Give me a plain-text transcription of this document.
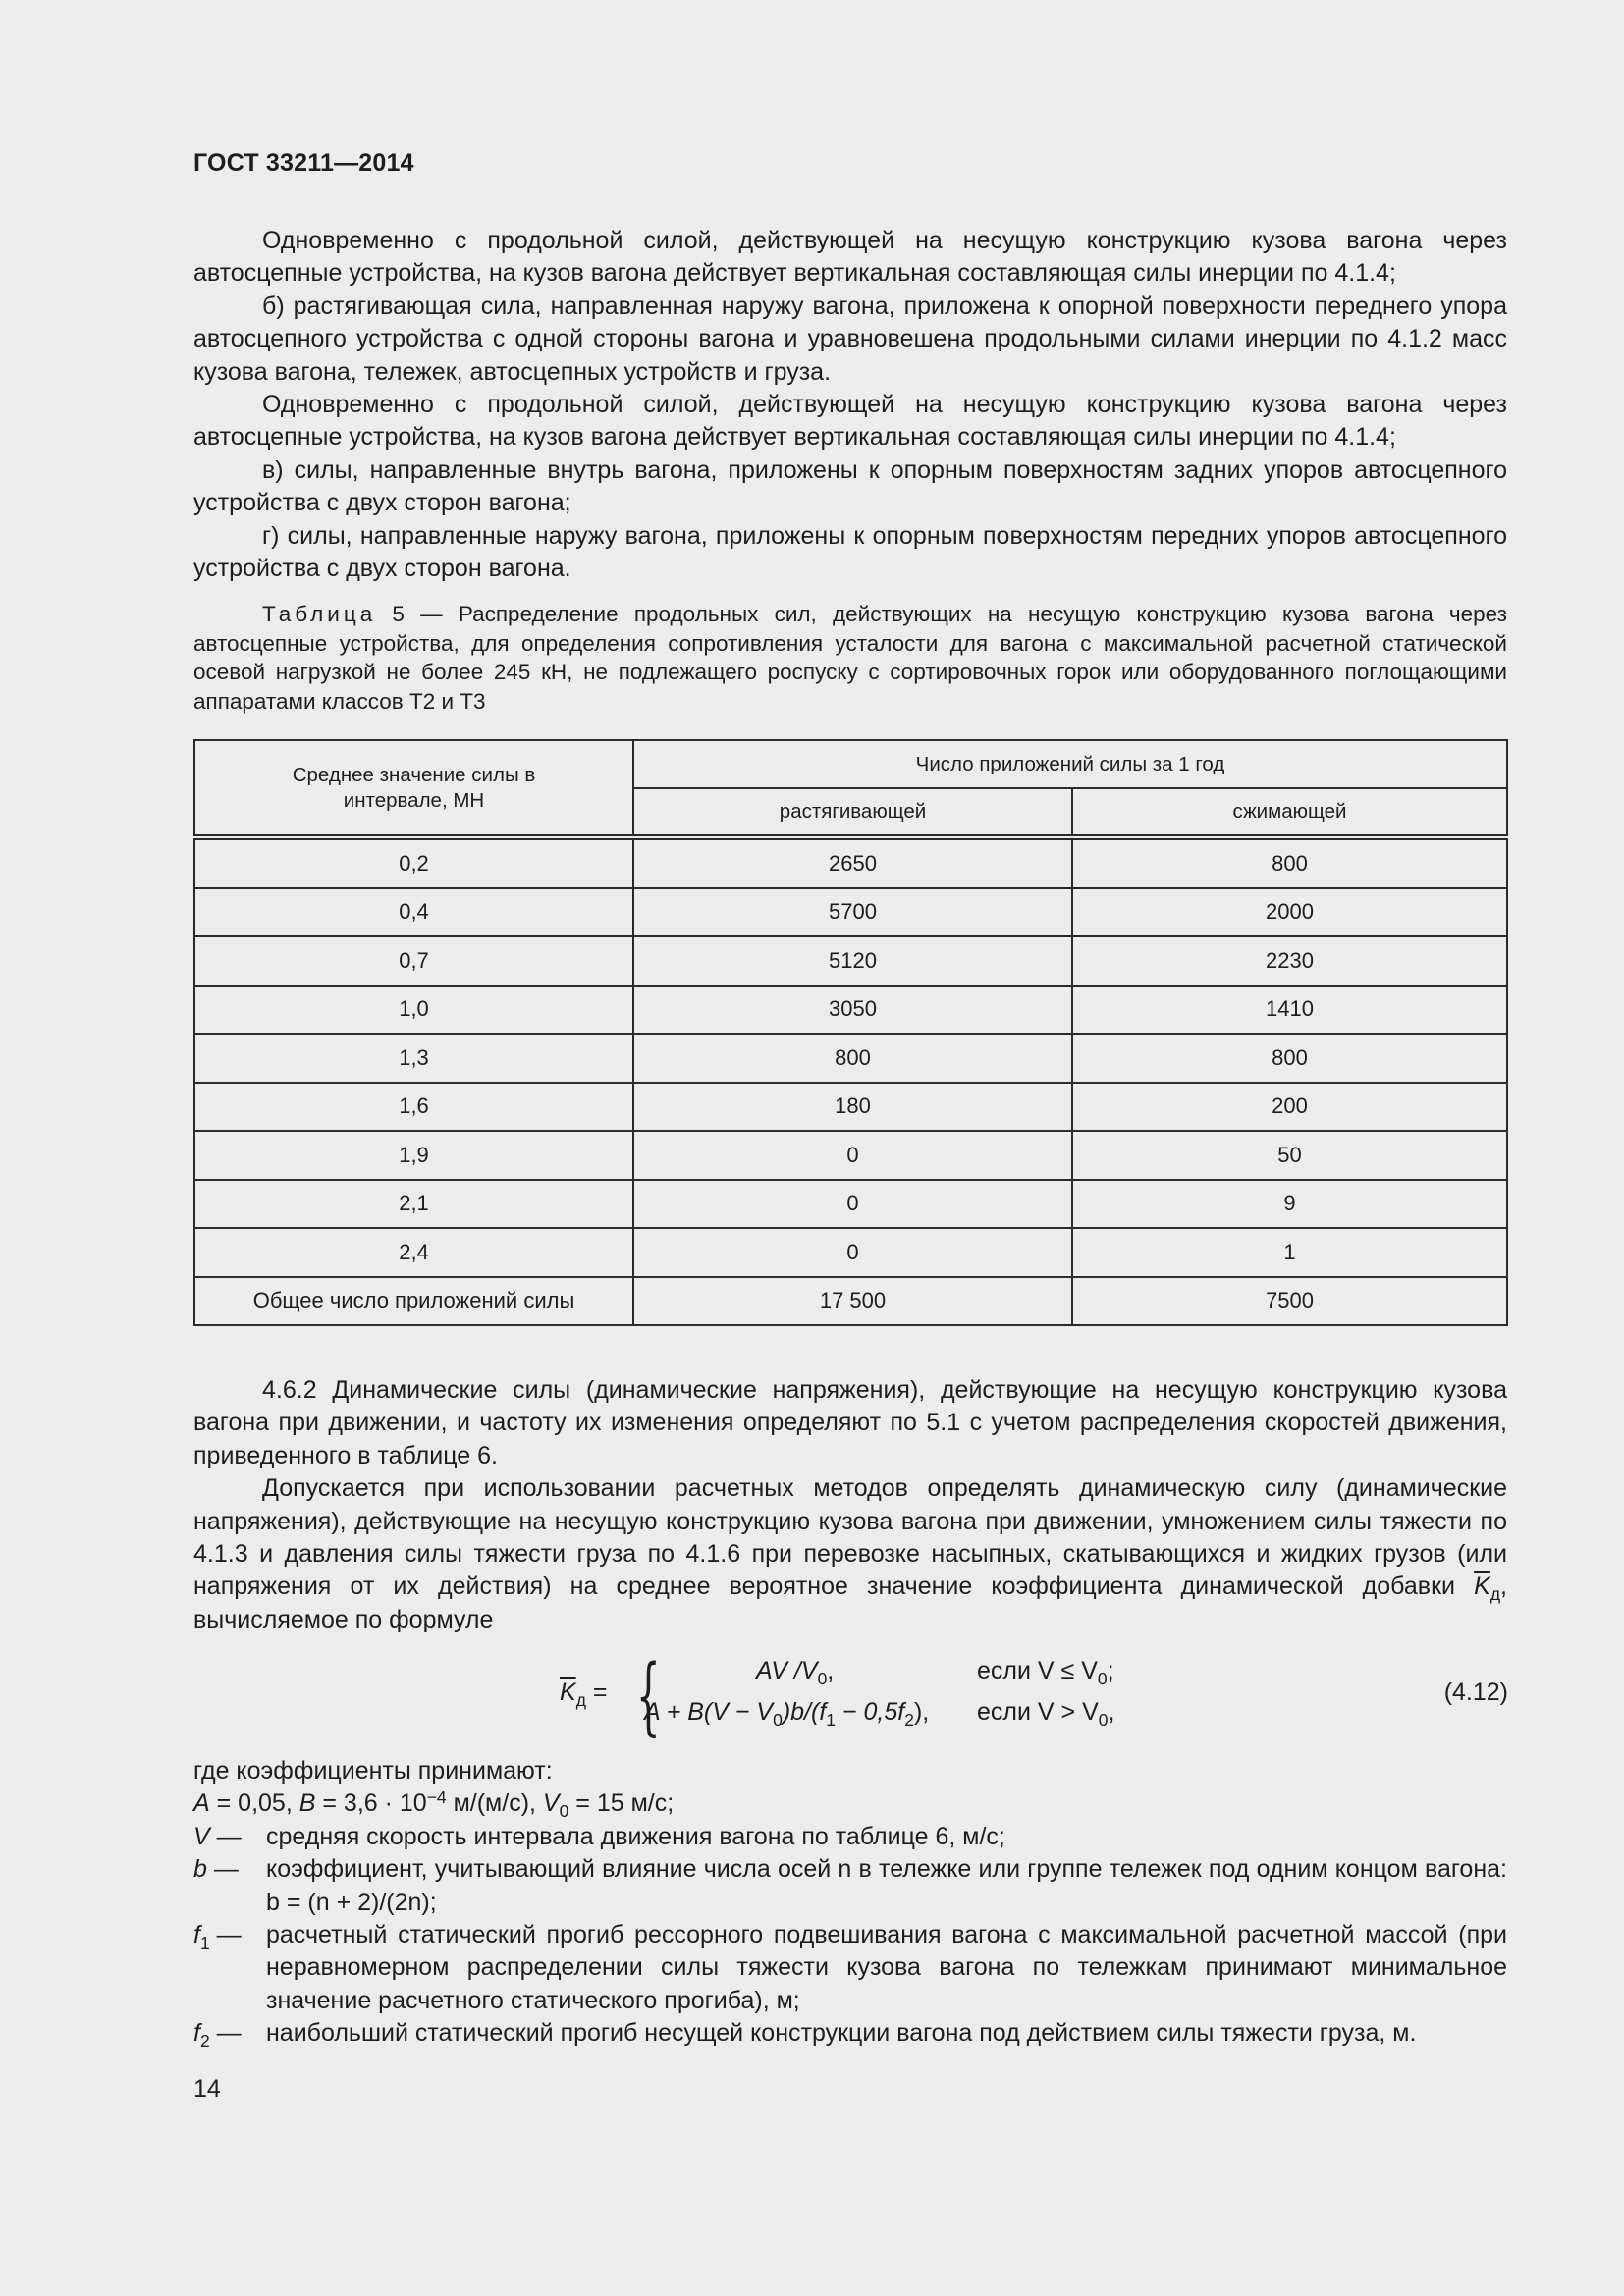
ГОСТ 33211—2014

Одновременно с продольной силой, действующей на несущую конструкцию кузова вагона через автосцепные устройства, на кузов вагона действует вертикальная составляющая силы инерции по 4.1.4;

б) растягивающая сила, направленная наружу вагона, приложена к опорной поверхности переднего упора автосцепного устройства с одной стороны вагона и уравновешена продольными силами инерции по 4.1.2 масс кузова вагона, тележек, автосцепных устройств и груза.

Одновременно с продольной силой, действующей на несущую конструкцию кузова вагона через автосцепные устройства, на кузов вагона действует вертикальная составляющая силы инерции по 4.1.4;

в) силы, направленные внутрь вагона, приложены к опорным поверхностям задних упоров автосцепного устройства с двух сторон вагона;

г) силы, направленные наружу вагона, приложены к опорным поверхностям передних упоров автосцепного устройства с двух сторон вагона.

Таблица 5 — Распределение продольных сил, действующих на несущую конструкцию кузова вагона через автосцепные устройства, для определения сопротивления усталости для вагона с максимальной расчетной статической осевой нагрузкой не более 245 кН, не подлежащего роспуску с сортировочных горок или оборудованного поглощающими аппаратами классов Т2 и Т3

Среднее значение силы в интервале, МН	Число приложений силы за 1 год	
	растягивающей	сжимающей
0,2	2650	800
0,4	5700	2000
0,7	5120	2230
1,0	3050	1410
1,3	800	800
1,6	180	200
1,9	0	50
2,1	0	9
2,4	0	1
Общее число приложений силы	17 500	7500

4.6.2 Динамические силы (динамические напряжения), действующие на несущую конструкцию кузова вагона при движении, и частоту их изменения определяют по 5.1 с учетом распределения скоростей движения, приведенного в таблице 6.

Допускается при использовании расчетных методов определять динамическую силу (динамические напряжения), действующие на несущую конструкцию кузова вагона при движении, умножением силы тяжести по 4.1.3 и давления силы тяжести груза по 4.1.6 при перевозке насыпных, скатывающихся и жидких грузов (или напряжения от их действия) на среднее вероятное значение коэффициента динамической добавки $\overline{K}_д$, вычисляемое по формуле

$\overline{K}_д$ = {	AV $/V_0$,	если $V \le V_0$;
$A + B(V - V_0)b/(f_1 - 0,5f_2)$, если $V > V_0$,
(4.12)

где коэффициенты принимают:

A = 0,05, $B = 3,6 \cdot 10^{-4}$ м/(м/с), $V_0 = 15$ м/с;

V —	средняя скорость интервала движения вагона по таблице 6, м/с;
b —	коэффициент, учитывающий влияние числа осей n в тележке или группе тележек под одним концом вагона: b = (n + 2)/(2n);
$f_1$ —	расчетный статический прогиб рессорного подвешивания вагона с максимальной расчетной массой (при неравномерном распределении силы тяжести кузова вагона по тележкам принимают минимальное значение расчетного статического прогиба), м;
$f_2$ —	наибольший статический прогиб несущей конструкции вагона под действием силы тяжести груза, м.
14
